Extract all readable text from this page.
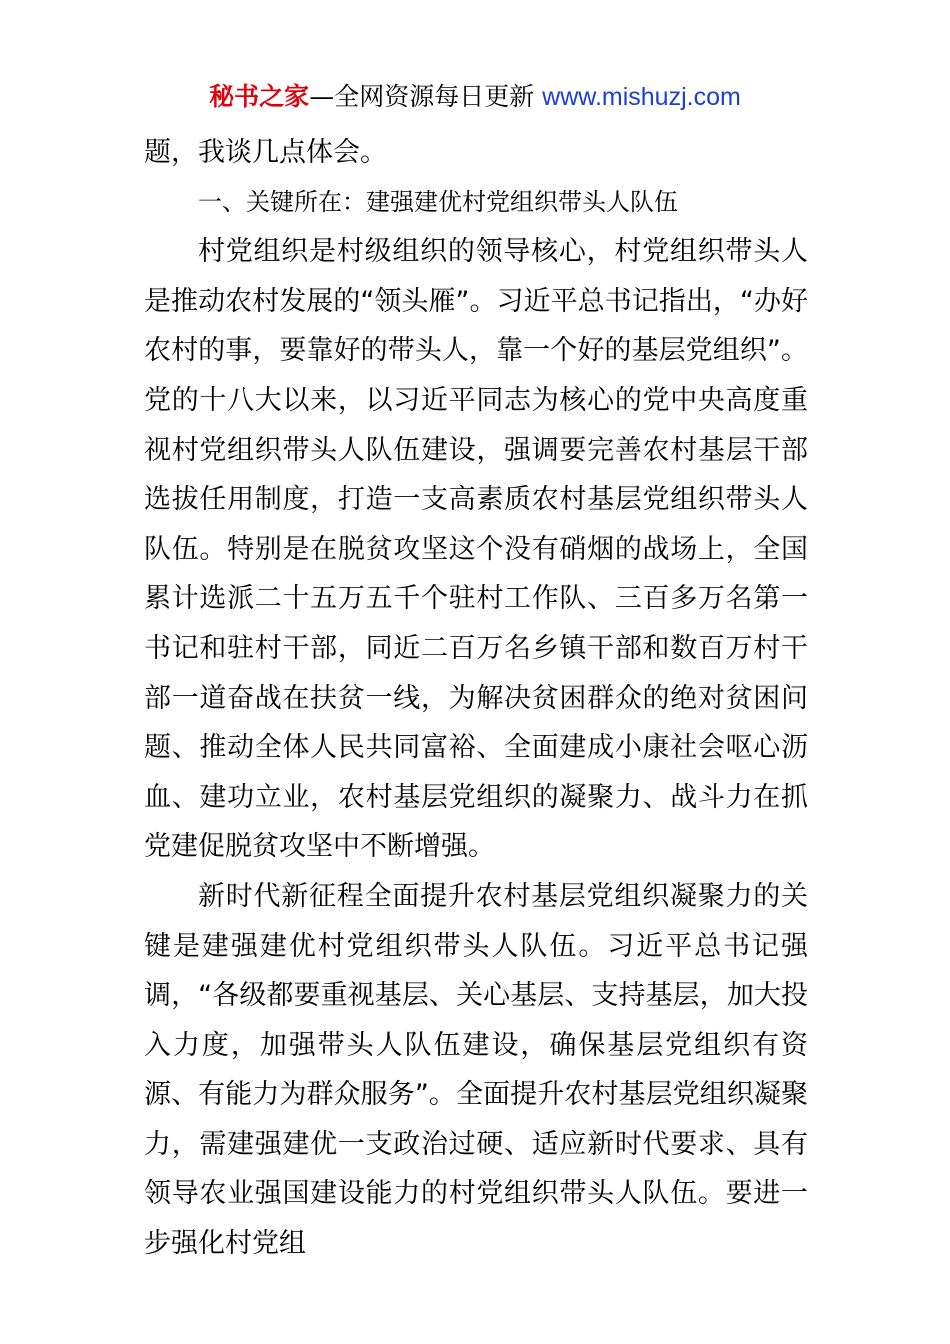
秘书之家—全网资源每日更新 www.mishuzj.com

题，我谈几点体会。

一、关键所在：建强建优村党组织带头人队伍

村党组织是村级组织的领导核心，村党组织带头人是推动农村发展的“领头雁”。习近平总书记指出，“办好农村的事，要靠好的带头人，靠一个好的基层党组织”。党的十八大以来，以习近平同志为核心的党中央高度重视村党组织带头人队伍建设，强调要完善农村基层干部选拔任用制度，打造一支高素质农村基层党组织带头人队伍。特别是在脱贫攻坚这个没有硝烟的战场上，全国累计选派二十五万五千个驻村工作队、三百多万名第一书记和驻村干部，同近二百万名乡镇干部和数百万村干部一道奋战在扶贫一线，为解决贫困群众的绝对贫困问题、推动全体人民共同富裕、全面建成小康社会呕心沥血、建功立业，农村基层党组织的凝聚力、战斗力在抓党建促脱贫攻坚中不断增强。

新时代新征程全面提升农村基层党组织凝聚力的关键是建强建优村党组织带头人队伍。习近平总书记强调，“各级都要重视基层、关心基层、支持基层，加大投入力度，加强带头人队伍建设，确保基层党组织有资源、有能力为群众服务”。全面提升农村基层党组织凝聚力，需建强建优一支政治过硬、适应新时代要求、具有领导农业强国建设能力的村党组织带头人队伍。要进一步强化村党组
